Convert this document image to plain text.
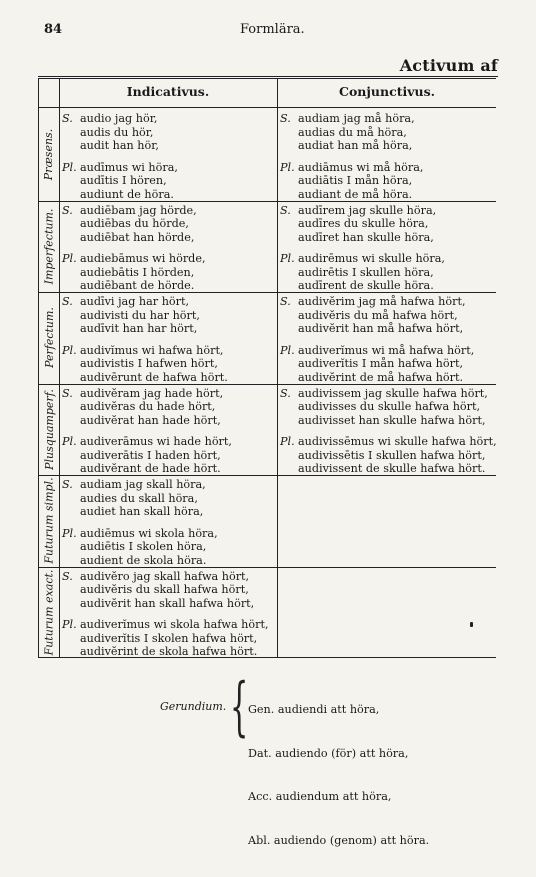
84	Formlära.
Activum af
Indicativus.	Conjunctivus.
Præsens.
S. audio jag hör,
audis du hör,
audit han hör,
Pl. audīmus wi höra,
audītis I hören,
audiunt de höra.
S. audiam jag må höra,
audias du må höra,
audiat han må höra,
Pl. audiāmus wi må höra,
audiātis I mån höra,
audiant de må höra.
Imperfectum. S. audiēbam jag hörde,
audiēbas du hörde,
audiēbat han hörde,
Pl. audiebāmus wi hörde,
audiebātis I hörden,
audiēbant de hörde.
S. audīrem jag skulle höra,
audīres du skulle höra,
audīret han skulle höra,
Pl. audirēmus wi skulle höra,
audirētis I skullen höra,
audīrent de skulle höra.
Perfectum.
S. audīvi jag har hört,
audivisti du har hört,
audīvit han har hört,
Pl. audivĭmus wi hafwa hört,
audivistis I hafwen hört,
audivērunt de hafwa hört.
S. audivĕrim jag må hafwa hört,
audivĕris du må hafwa hört,
audivĕrit han må hafwa hört,
Pl. audiverĭmus wi må hafwa hört,
audiverĭtis I mån hafwa hört,
audivĕrint de må hafwa hört.
Plusquamperf. S. audivĕram jag hade hört,
audivĕras du hade hört,
audivĕrat han hade hört,
Pl. audiverāmus wi hade hört,
audiverātis I haden hört,
audivĕrant de hade hört.
S. audivissem jag skulle hafwa hört,
audivisses du skulle hafwa hört,
audivisset han skulle hafwa hört,
Pl. audivissēmus wi skulle hafwa hört,
audivissētis I skullen hafwa hört,
audivissent de skulle hafwa hört.
Futurum simpl. S. audiam jag skall höra,
audies du skall höra,
audiet han skall höra,
Pl. audiēmus wi skola höra,
audiētis I skolen höra,
audient de skola höra.
Futurum exact. S. audivĕro jag skall hafwa hört,
audivĕris du skall hafwa hört,
audivĕrit han skall hafwa hört,
Pl. audiverĭmus wi skola hafwa hört,
audiverĭtis I skolen hafwa hört,
audivĕrint de skola hafwa hört.
Gerundium. {

Gen. audiendi att höra,

Dat. audiendo (för) att höra,

Acc. audiendum att höra,

Abl. audiendo (genom) att höra.
